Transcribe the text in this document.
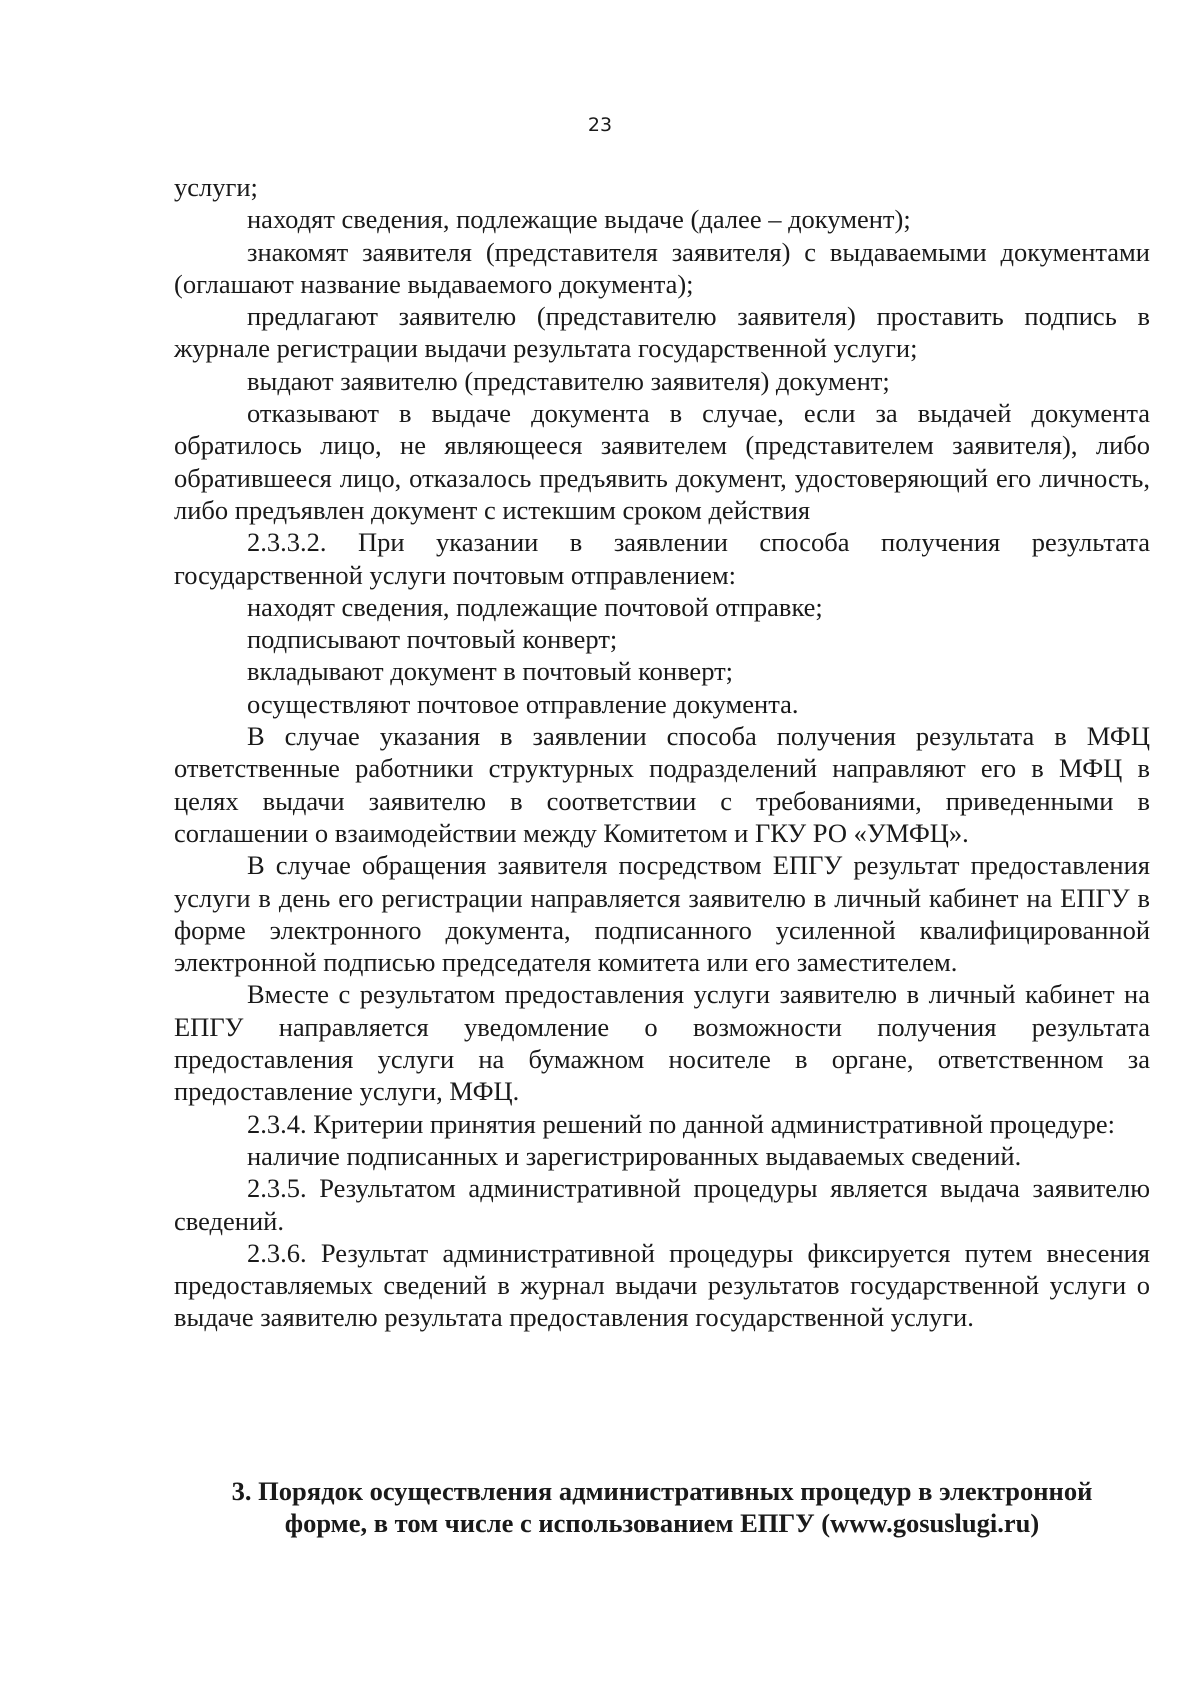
23

услуги;

находят сведения, подлежащие выдаче (далее – документ);

знакомят заявителя (представителя заявителя) с выдаваемыми документами (оглашают название выдаваемого документа);

предлагают заявителю (представителю заявителя) проставить подпись в журнале регистрации выдачи результата государственной услуги;

выдают заявителю (представителю заявителя) документ;

отказывают в выдаче документа в случае, если за выдачей документа обратилось лицо, не являющееся заявителем (представителем заявителя), либо обратившееся лицо, отказалось предъявить документ, удостоверяющий его личность, либо предъявлен документ с истекшим сроком действия

2.3.3.2. При указании в заявлении способа получения результата государственной услуги почтовым отправлением:

находят сведения, подлежащие почтовой отправке;

подписывают почтовый конверт;

вкладывают документ в почтовый конверт;

осуществляют почтовое отправление документа.

В случае указания в заявлении способа получения результата в МФЦ ответственные работники структурных подразделений направляют его в МФЦ в целях выдачи заявителю в соответствии с требованиями, приведенными в соглашении о взаимодействии между Комитетом и ГКУ РО «УМФЦ».

В случае обращения заявителя посредством ЕПГУ результат предоставления услуги в день его регистрации направляется заявителю в личный кабинет на ЕПГУ в форме электронного документа, подписанного усиленной квалифицированной электронной подписью председателя комитета или его заместителем.

Вместе с результатом предоставления услуги заявителю в личный кабинет на ЕПГУ направляется уведомление о возможности получения результата предоставления услуги на бумажном носителе в органе, ответственном за предоставление услуги, МФЦ.

2.3.4. Критерии принятия решений по данной административной процедуре:

наличие подписанных и зарегистрированных выдаваемых сведений.

2.3.5. Результатом административной процедуры является выдача заявителю сведений.

2.3.6. Результат административной процедуры фиксируется путем внесения предоставляемых сведений в журнал выдачи результатов государственной услуги о выдаче заявителю результата предоставления государственной услуги.

3. Порядок осуществления административных процедур в электронной
форме, в том числе с использованием ЕПГУ (www.gosuslugi.ru)
